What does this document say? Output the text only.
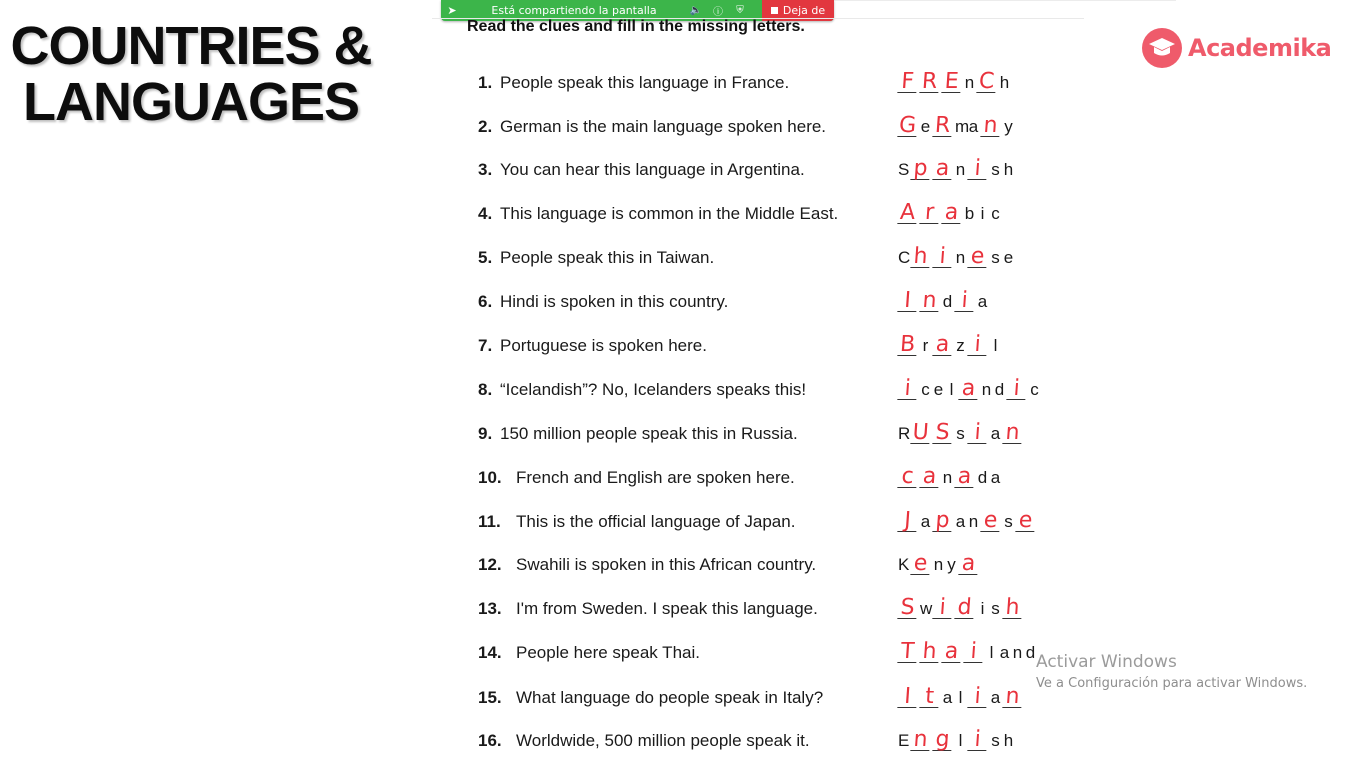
➤	Está compartiendo la pantalla	🔈	ⓘ	⛨	Deja de
COUNTRIES &
LANGUAGES
Academika
Read the clues and fill in the missing letters.
1. People speak this language in France.	F R E n C h
2. German is the main language spoken here.	G e R m a n y
3. You can hear this language in Argentina.	S p a n i s h
4. This language is common in the Middle East.	A r a b i c
5. People speak this in Taiwan.	C h i n e s e
6. Hindi is spoken in this country.	I n d i a
7. Portuguese is spoken here.	B r a z i l
8. “Icelandish”? No, Icelanders speaks this!	i c e l a n d i c
9. 150 million people speak this in Russia.	R U S s i a n
10. French and English are spoken here.	c a n a d a
11. This is the official language of Japan.	J a p a n e s e
12. Swahili is spoken in this African country.	K e n y a
13. I'm from Sweden. I speak this language.	S w i d i s h
14. People here speak Thai.	T h a i l a n d
15. What language do people speak in Italy?	I t a l i a n
16. Worldwide, 500 million people speak it.	E n g l i s h
Activar Windows
Ve a Configuración para activar Windows.
